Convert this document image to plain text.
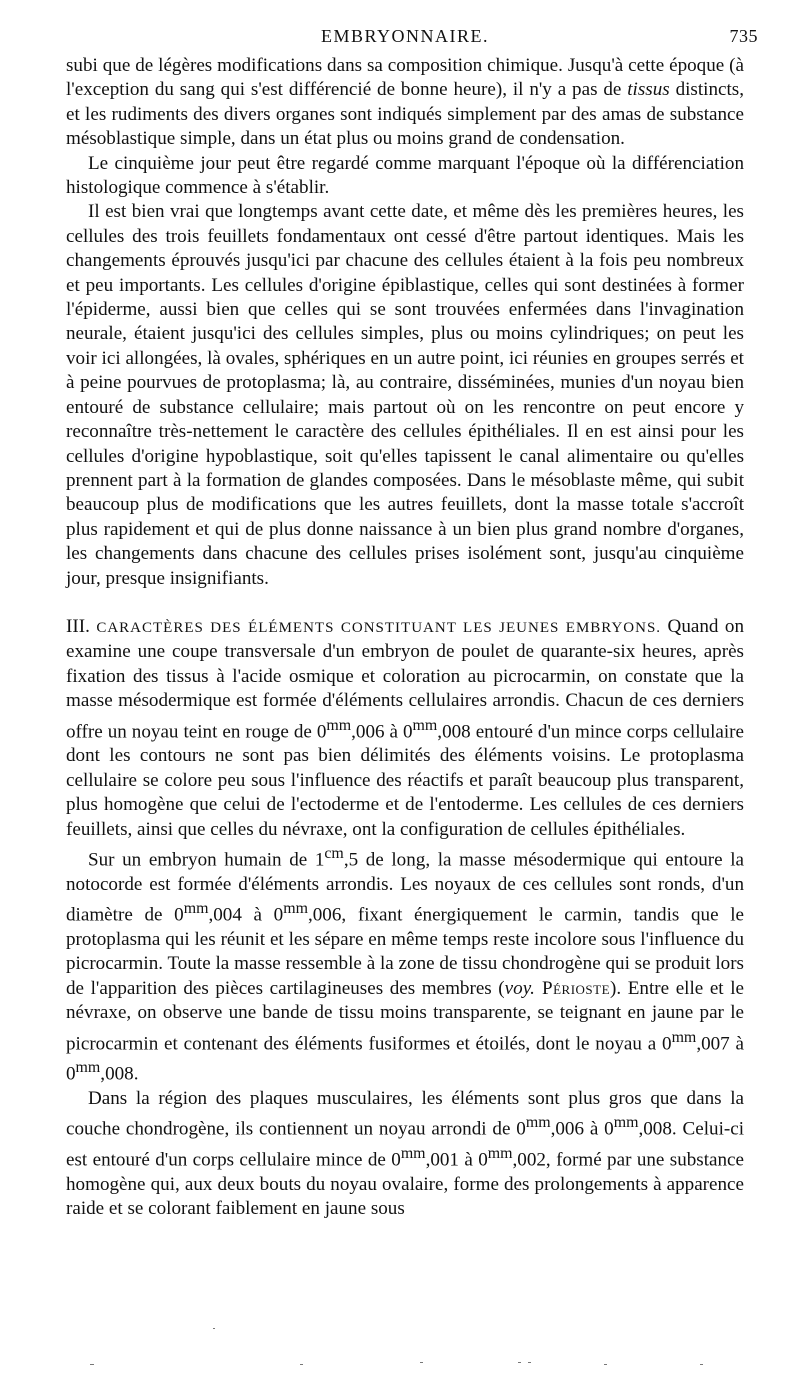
EMBRYONNAIRE.	735

subi que de légères modifications dans sa composition chimique. Jusqu'à cette époque (à l'exception du sang qui s'est différencié de bonne heure), il n'y a pas de tissus distincts, et les rudiments des divers organes sont indiqués simplement par des amas de substance mésoblastique simple, dans un état plus ou moins grand de condensation.

Le cinquième jour peut être regardé comme marquant l'époque où la différenciation histologique commence à s'établir.

Il est bien vrai que longtemps avant cette date, et même dès les premières heures, les cellules des trois feuillets fondamentaux ont cessé d'être partout identiques. Mais les changements éprouvés jusqu'ici par chacune des cellules étaient à la fois peu nombreux et peu importants. Les cellules d'origine épiblastique, celles qui sont destinées à former l'épiderme, aussi bien que celles qui se sont trouvées enfermées dans l'invagination neurale, étaient jusqu'ici des cellules simples, plus ou moins cylindriques; on peut les voir ici allongées, là ovales, sphériques en un autre point, ici réunies en groupes serrés et à peine pourvues de protoplasma; là, au contraire, disséminées, munies d'un noyau bien entouré de substance cellulaire; mais partout où on les rencontre on peut encore y reconnaître très-nettement le caractère des cellules épithéliales. Il en est ainsi pour les cellules d'origine hypoblastique, soit qu'elles tapissent le canal alimentaire ou qu'elles prennent part à la formation de glandes composées. Dans le mésoblaste même, qui subit beaucoup plus de modifications que les autres feuillets, dont la masse totale s'accroît plus rapidement et qui de plus donne naissance à un bien plus grand nombre d'organes, les changements dans chacune des cellules prises isolément sont, jusqu'au cinquième jour, presque insignifiants.

III. CARACTÈRES DES ÉLÉMENTS CONSTITUANT LES JEUNES EMBRYONS. Quand on examine une coupe transversale d'un embryon de poulet de quarante-six heures, après fixation des tissus à l'acide osmique et coloration au picrocarmin, on constate que la masse mésodermique est formée d'éléments cellulaires arrondis. Chacun de ces derniers offre un noyau teint en rouge de $0^{mm},006$ à $0^{mm},008$ entouré d'un mince corps cellulaire dont les contours ne sont pas bien délimités des éléments voisins. Le protoplasma cellulaire se colore peu sous l'influence des réactifs et paraît beaucoup plus transparent, plus homogène que celui de l'ectoderme et de l'entoderme. Les cellules de ces derniers feuillets, ainsi que celles du névraxe, ont la configuration de cellules épithéliales.

Sur un embryon humain de $1^{cm},5$ de long, la masse mésodermique qui entoure la notocorde est formée d'éléments arrondis. Les noyaux de ces cellules sont ronds, d'un diamètre de $0^{mm},004$ à $0^{mm},006$, fixant énergiquement le carmin, tandis que le protoplasma qui les réunit et les sépare en même temps reste incolore sous l'influence du picrocarmin. Toute la masse ressemble à la zone de tissu chondrogène qui se produit lors de l'apparition des pièces cartilagineuses des membres (voy. Périoste). Entre elle et le névraxe, on observe une bande de tissu moins transparente, se teignant en jaune par le picrocarmin et contenant des éléments fusiformes et étoilés, dont le noyau a $0^{mm},007$ à $0^{mm},008$.

Dans la région des plaques musculaires, les éléments sont plus gros que dans la couche chondrogène, ils contiennent un noyau arrondi de $0^{mm},006$ à $0^{mm},008$. Celui-ci est entouré d'un corps cellulaire mince de $0^{mm},001$ à $0^{mm},002$, formé par une substance homogène qui, aux deux bouts du noyau ovalaire, forme des prolongements à apparence raide et se colorant faiblement en jaune sous
